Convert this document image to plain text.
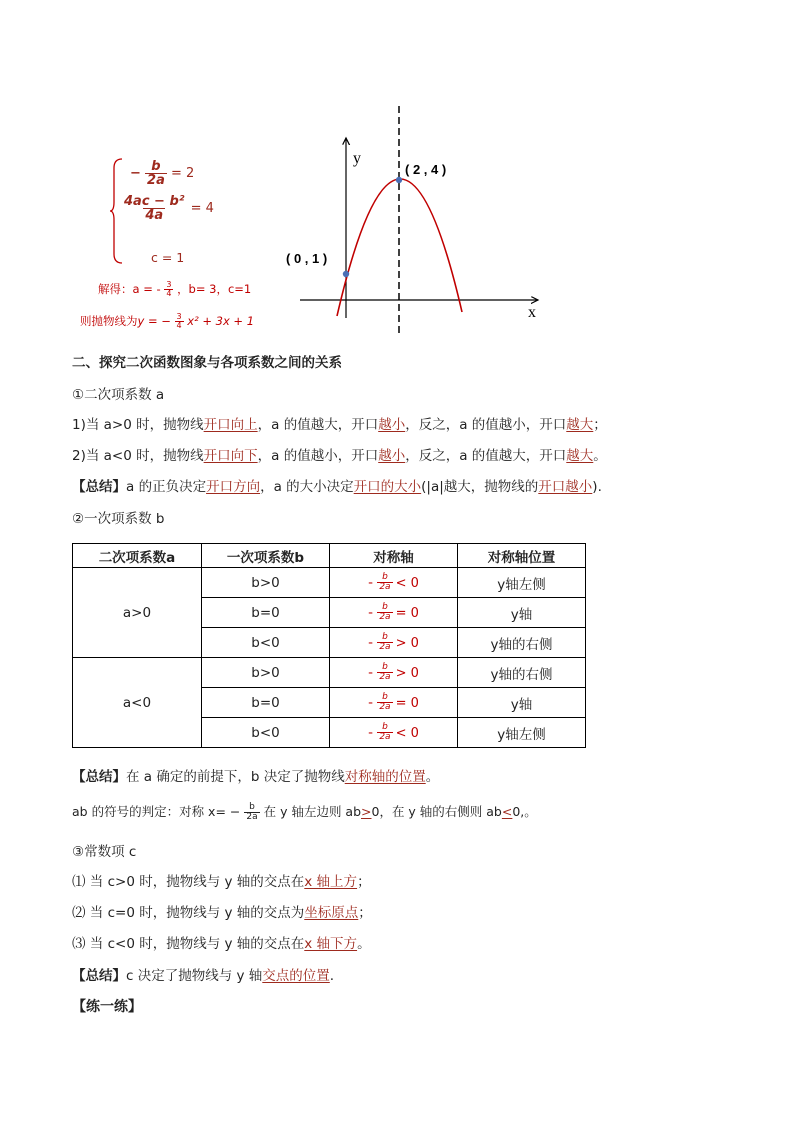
− $\frac{b}{2a} = 2$
$\frac{\text{4ac − b²}}{4a} = 4$
c = 1
解得：a = - $\frac{3}{4}$ ，b= 3，c=1
则抛物线为y = − $\frac{3}{4} x^2 + 3x + 1$
y
x
( 2 , 4 )
( 0 , 1 )
二、探究二次函数图象与各项系数之间的关系
①二次项系数 a
1)当 a>0 时，抛物线开口向上，a 的值越大，开口越小，反之，a 的值越小，开口越大；
2)当 a<0 时，抛物线开口向下，a 的值越小，开口越小，反之，a 的值越大，开口越大。
【总结】a 的正负决定开口方向，a 的大小决定开口的大小(|a|越大，抛物线的开口越小).
②一次项系数 b
二次项系数a	一次项系数b	对称轴	对称轴位置
a>0	b>0	- $\frac{b}{2a} < 0$	y轴左侧
	b=0	- $\frac{b}{2a} = 0$	y轴
	b<0	- $\frac{b}{2a} > 0$	y轴的右侧
a<0	b>0	- $\frac{b}{2a} > 0$	y轴的右侧
	b=0	- $\frac{b}{2a} = 0$	y轴
	b<0	- $\frac{b}{2a} < 0$	y轴左侧
【总结】在 a 确定的前提下，b 决定了抛物线对称轴的位置。
ab 的符号的判定：对称 $x= - \frac{b}{2a}$ 在 y 轴左边则 ab>0，在 y 轴的右侧则 ab<0,。
③常数项 c
⑴ 当 c>0 时，抛物线与 y 轴的交点在x 轴上方；
⑵ 当 c=0 时，抛物线与 y 轴的交点为坐标原点；
⑶ 当 c<0 时，抛物线与 y 轴的交点在x 轴下方。
【总结】c 决定了抛物线与 y 轴交点的位置.
【练一练】
